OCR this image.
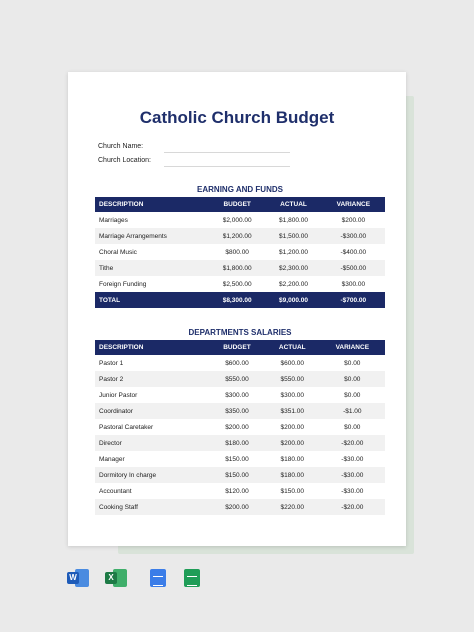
Catholic Church Budget
Church Name:
Church Location:
EARNING AND FUNDS
DESCRIPTION	BUDGET	ACTUAL	VARIANCE
Marriages	$2,000.00	$1,800.00	$200.00
Marriage Arrangements	$1,200.00	$1,500.00	-$300.00
Choral Music	$800.00	$1,200.00	-$400.00
Tithe	$1,800.00	$2,300.00	-$500.00
Foreign Funding	$2,500.00	$2,200.00	$300.00
TOTAL	$8,300.00	$9,000.00	-$700.00
DEPARTMENTS SALARIES
DESCRIPTION	BUDGET	ACTUAL	VARIANCE
Pastor 1	$600.00	$600.00	$0.00
Pastor 2	$550.00	$550.00	$0.00
Junior Pastor	$300.00	$300.00	$0.00
Coordinator	$350.00	$351.00	-$1.00
Pastoral Caretaker	$200.00	$200.00	$0.00
Director	$180.00	$200.00	-$20.00
Manager	$150.00	$180.00	-$30.00
Dormitory In charge	$150.00	$180.00	-$30.00
Accountant	$120.00	$150.00	-$30.00
Cooking Staff	$200.00	$220.00	-$20.00
W	X
